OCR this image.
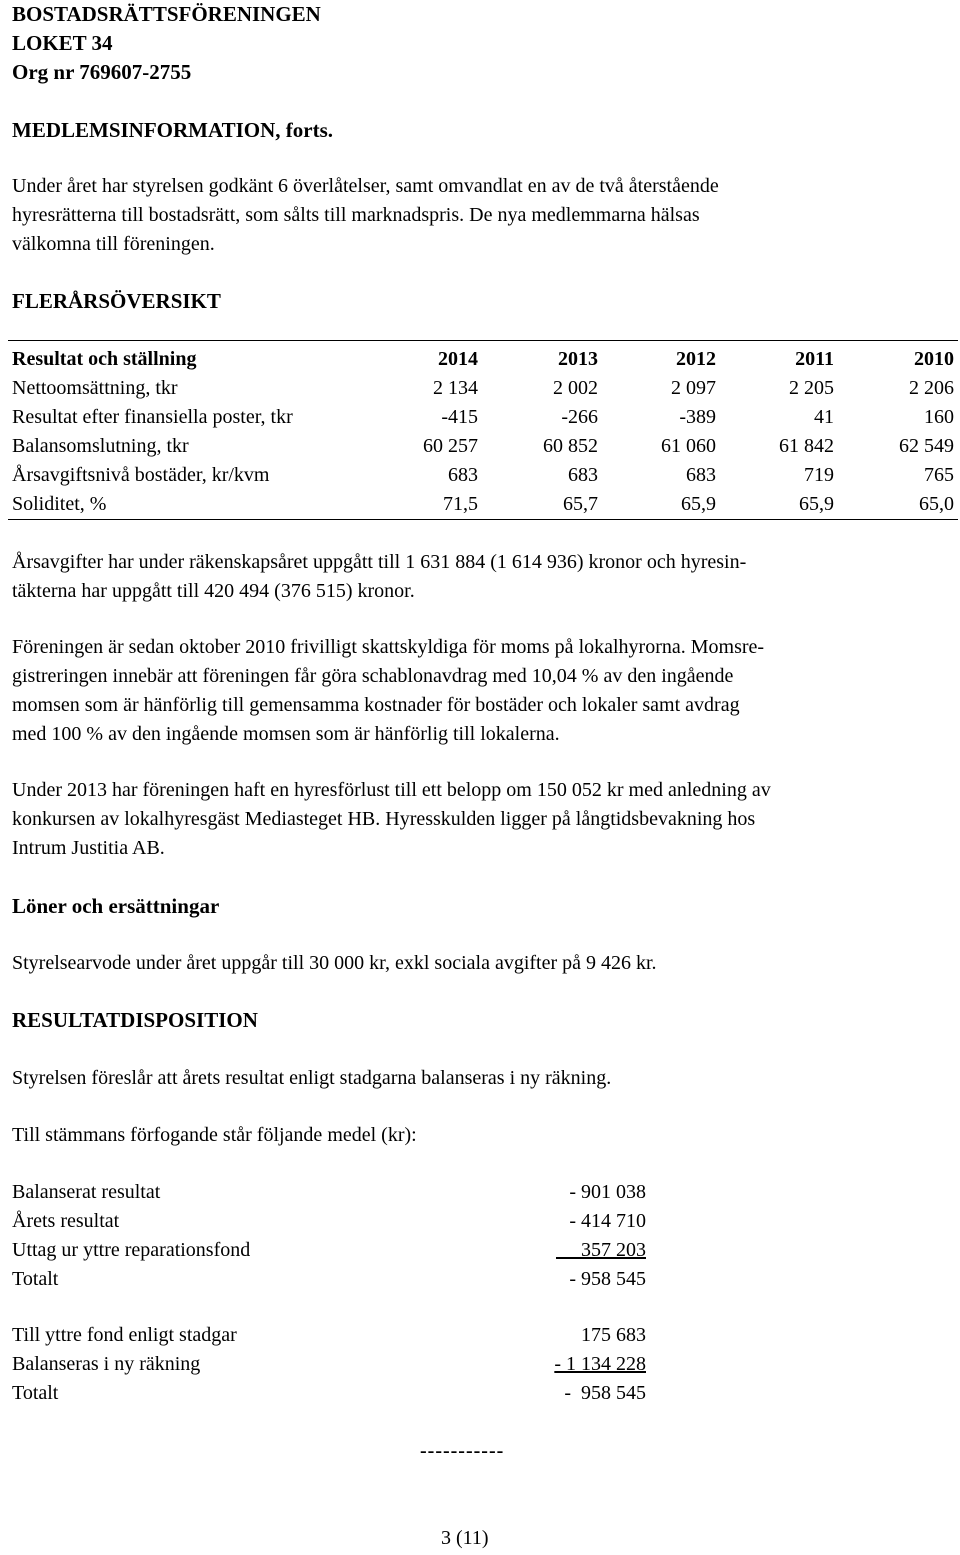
BOSTADSRÄTTSFÖRENINGEN
LOKET 34
Org nr 769607-2755
MEDLEMSINFORMATION, forts.
Under året har styrelsen godkänt 6 överlåtelser, samt omvandlat en av de två återstående
hyresrätterna till bostadsrätt, som sålts till marknadspris. De nya medlemmarna hälsas
välkomna till föreningen.
FLERÅRSÖVERSIKT
Resultat och ställning	2014	2013	2012	2011	2010
Nettoomsättning, tkr	2 134	2 002	2 097	2 205	2 206
Resultat efter finansiella poster, tkr	-415	-266	-389	41	160
Balansomslutning, tkr	60 257	60 852	61 060	61 842	62 549
Årsavgiftsnivå bostäder, kr/kvm	683	683	683	719	765
Soliditet, %	71,5	65,7	65,9	65,9	65,0
Årsavgifter har under räkenskapsåret uppgått till 1 631 884 (1 614 936) kronor och hyresin-
täkterna har uppgått till 420 494 (376 515) kronor.
Föreningen är sedan oktober 2010 frivilligt skattskyldiga för moms på lokalhyrorna. Momsre-
gistreringen innebär att föreningen får göra schablonavdrag med 10,04 % av den ingående
momsen som är hänförlig till gemensamma kostnader för bostäder och lokaler samt avdrag
med 100 % av den ingående momsen som är hänförlig till lokalerna.
Under 2013 har föreningen haft en hyresförlust till ett belopp om 150 052 kr med anledning av
konkursen av lokalhyresgäst Mediasteget HB. Hyresskulden ligger på långtidsbevakning hos
Intrum Justitia AB.
Löner och ersättningar
Styrelsearvode under året uppgår till 30 000 kr, exkl sociala avgifter på 9 426 kr.
RESULTATDISPOSITION
Styrelsen föreslår att årets resultat enligt stadgarna balanseras i ny räkning.
Till stämmans förfogande står följande medel (kr):
Balanserat resultat	- 901 038
Årets resultat	- 414 710
Uttag ur yttre reparationsfond	357 203
Totalt	- 958 545
Till yttre fond enligt stadgar	175 683
Balanseras i ny räkning	- 1 134 228
Totalt	-  958 545
-----------
3 (11)
